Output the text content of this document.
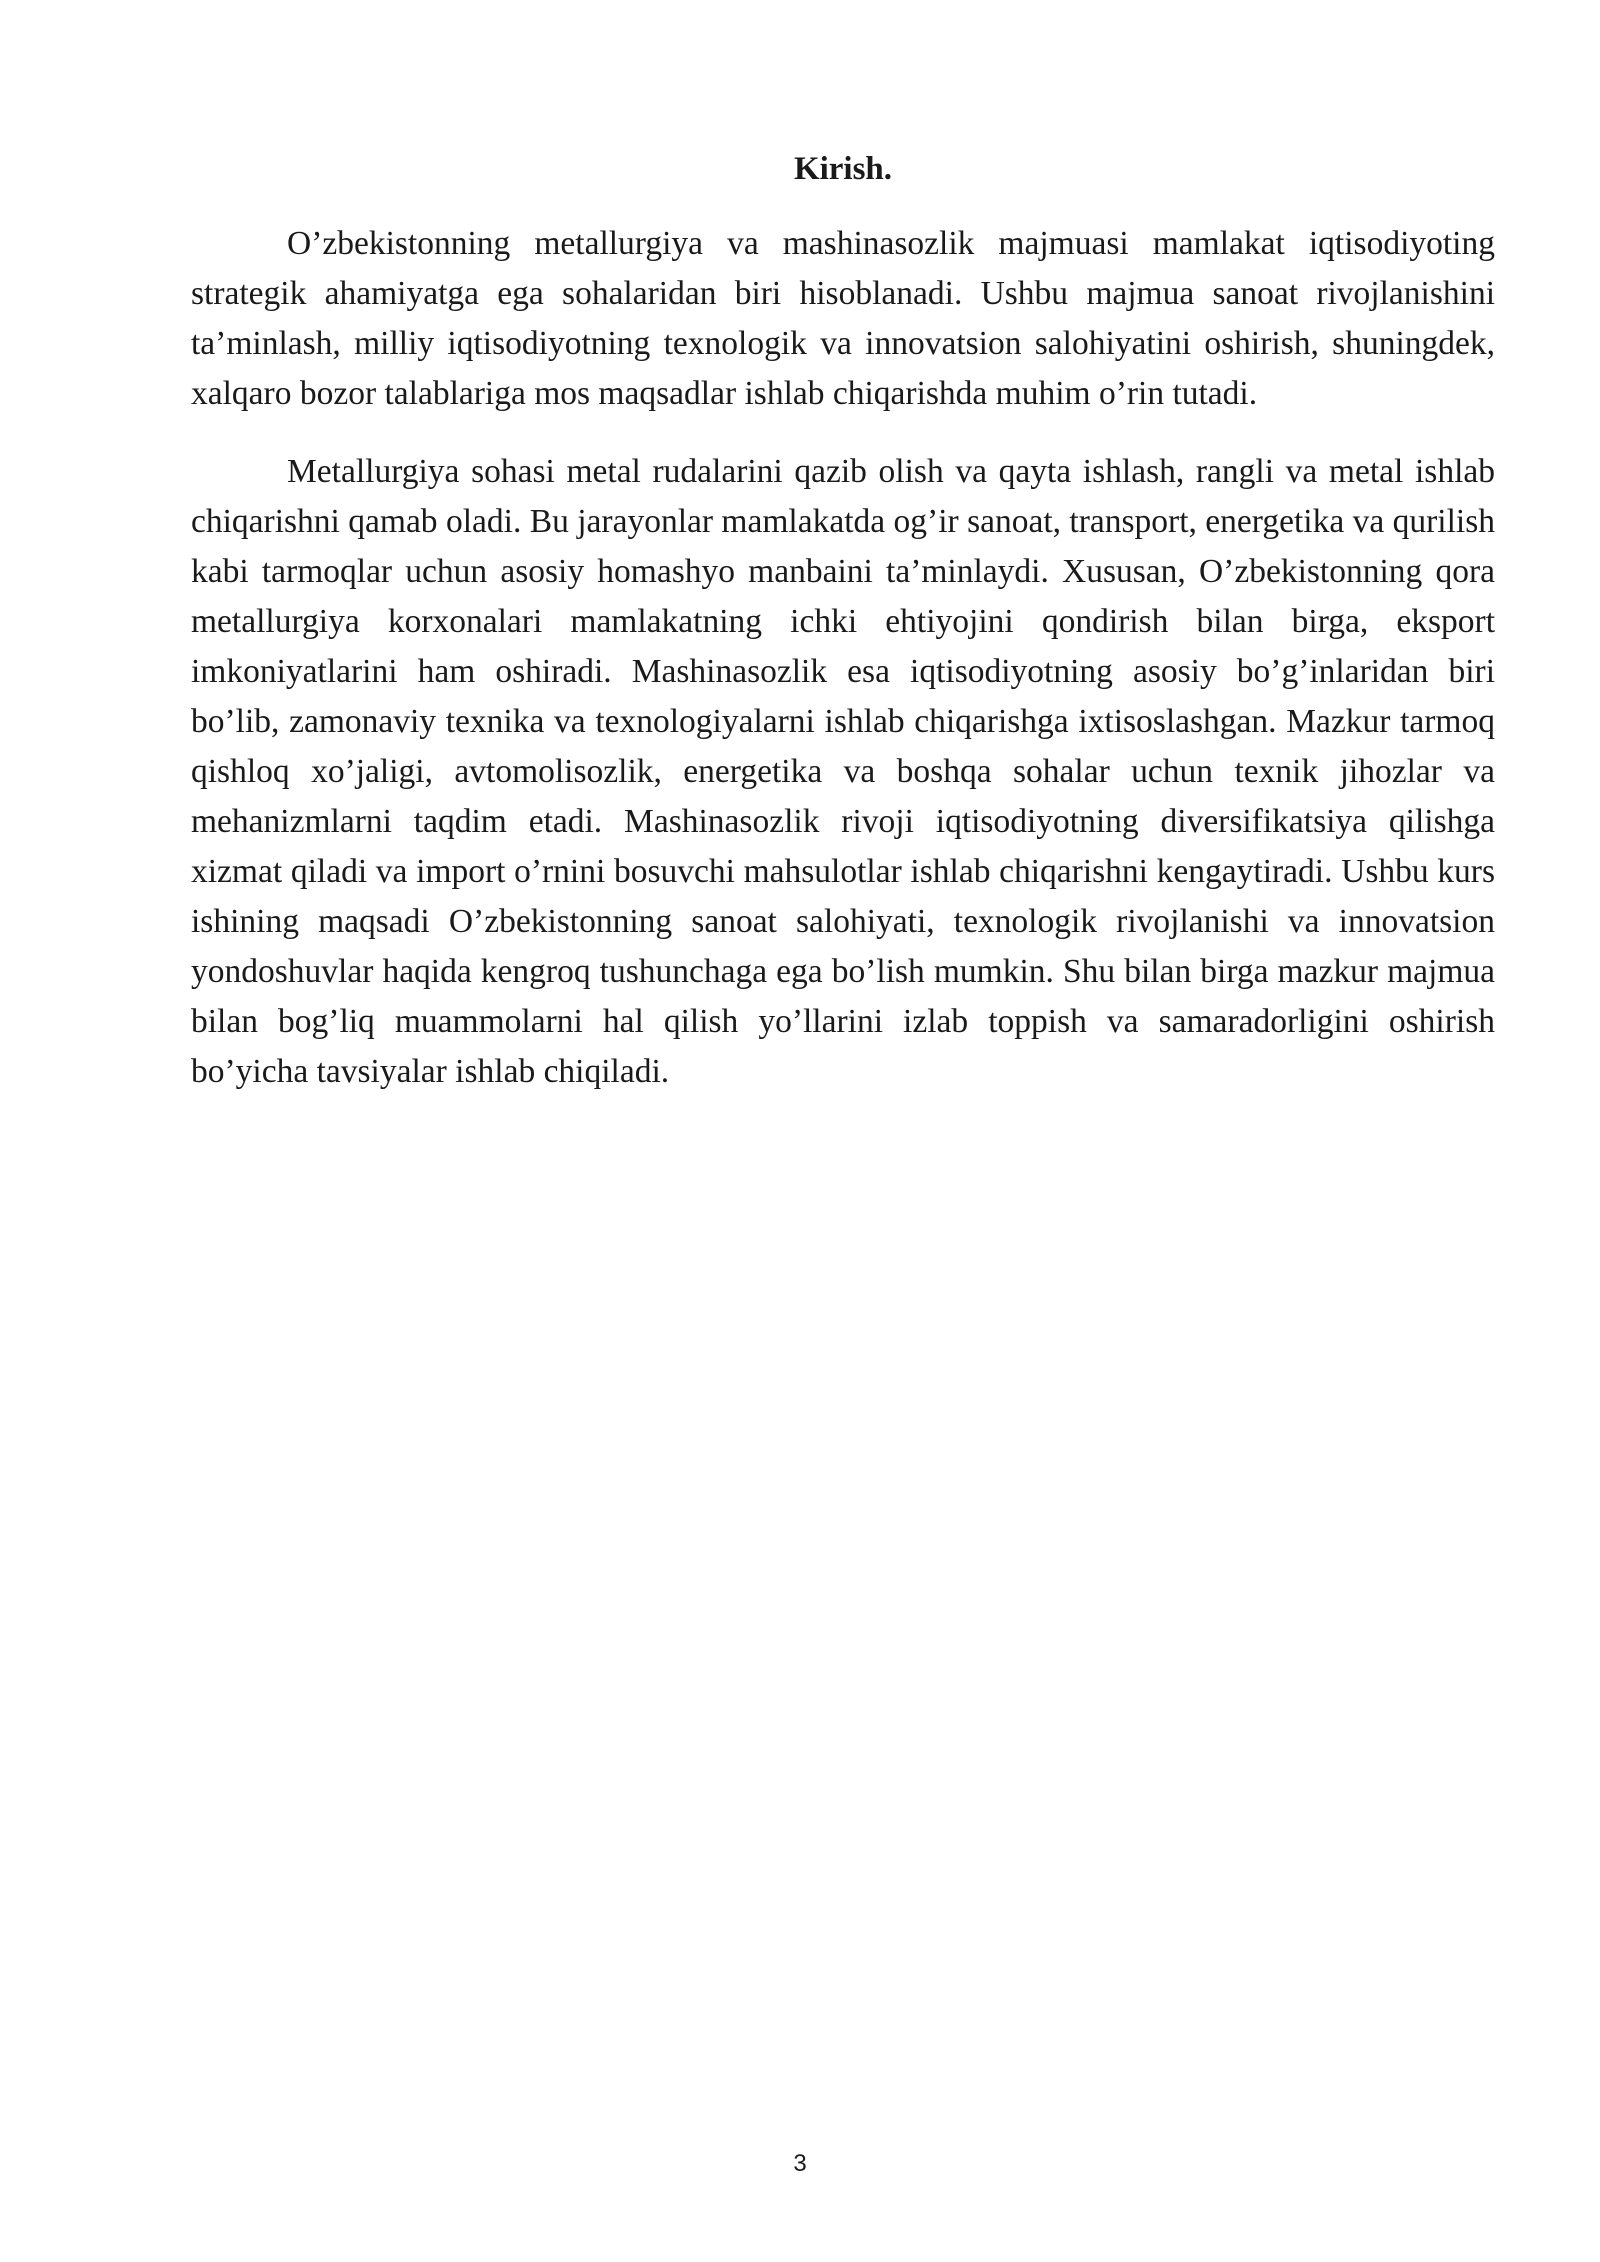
Kirish.

O’zbekistonning metallurgiya va mashinasozlik majmuasi mamlakat iqtisodiyoting strategik ahamiyatga ega sohalaridan biri hisoblanadi. Ushbu majmua sanoat rivojlanishini ta’minlash, milliy iqtisodiyotning texnologik va innovatsion salohiyatini oshirish, shuningdek, xalqaro bozor talablariga mos maqsadlar ishlab chiqarishda muhim o’rin tutadi.

Metallurgiya sohasi metal rudalarini qazib olish va qayta ishlash, rangli va metal ishlab chiqarishni qamab oladi. Bu jarayonlar mamlakatda og’ir sanoat, transport, energetika va qurilish kabi tarmoqlar uchun asosiy homashyo manbaini ta’minlaydi. Xususan, O’zbekistonning qora metallurgiya korxonalari mamlakatning ichki ehtiyojini qondirish bilan birga, eksport imkoniyatlarini ham oshiradi. Mashinasozlik esa iqtisodiyotning asosiy bo’g’inlaridan biri bo’lib, zamonaviy texnika va texnologiyalarni ishlab chiqarishga ixtisoslashgan. Mazkur tarmoq qishloq xo’jaligi, avtomolisozlik, energetika va boshqa sohalar uchun texnik jihozlar va mehanizmlarni taqdim etadi. Mashinasozlik rivoji iqtisodiyotning diversifikatsiya qilishga xizmat qiladi va import o’rnini bosuvchi mahsulotlar ishlab chiqarishni kengaytiradi. Ushbu kurs ishining maqsadi O’zbekistonning sanoat salohiyati, texnologik rivojlanishi va innovatsion yondoshuvlar haqida kengroq tushunchaga ega bo’lish mumkin. Shu bilan birga mazkur majmua bilan bog’liq muammolarni hal qilish yo’llarini izlab toppish va samaradorligini oshirish bo’yicha tavsiyalar ishlab chiqiladi.

3
